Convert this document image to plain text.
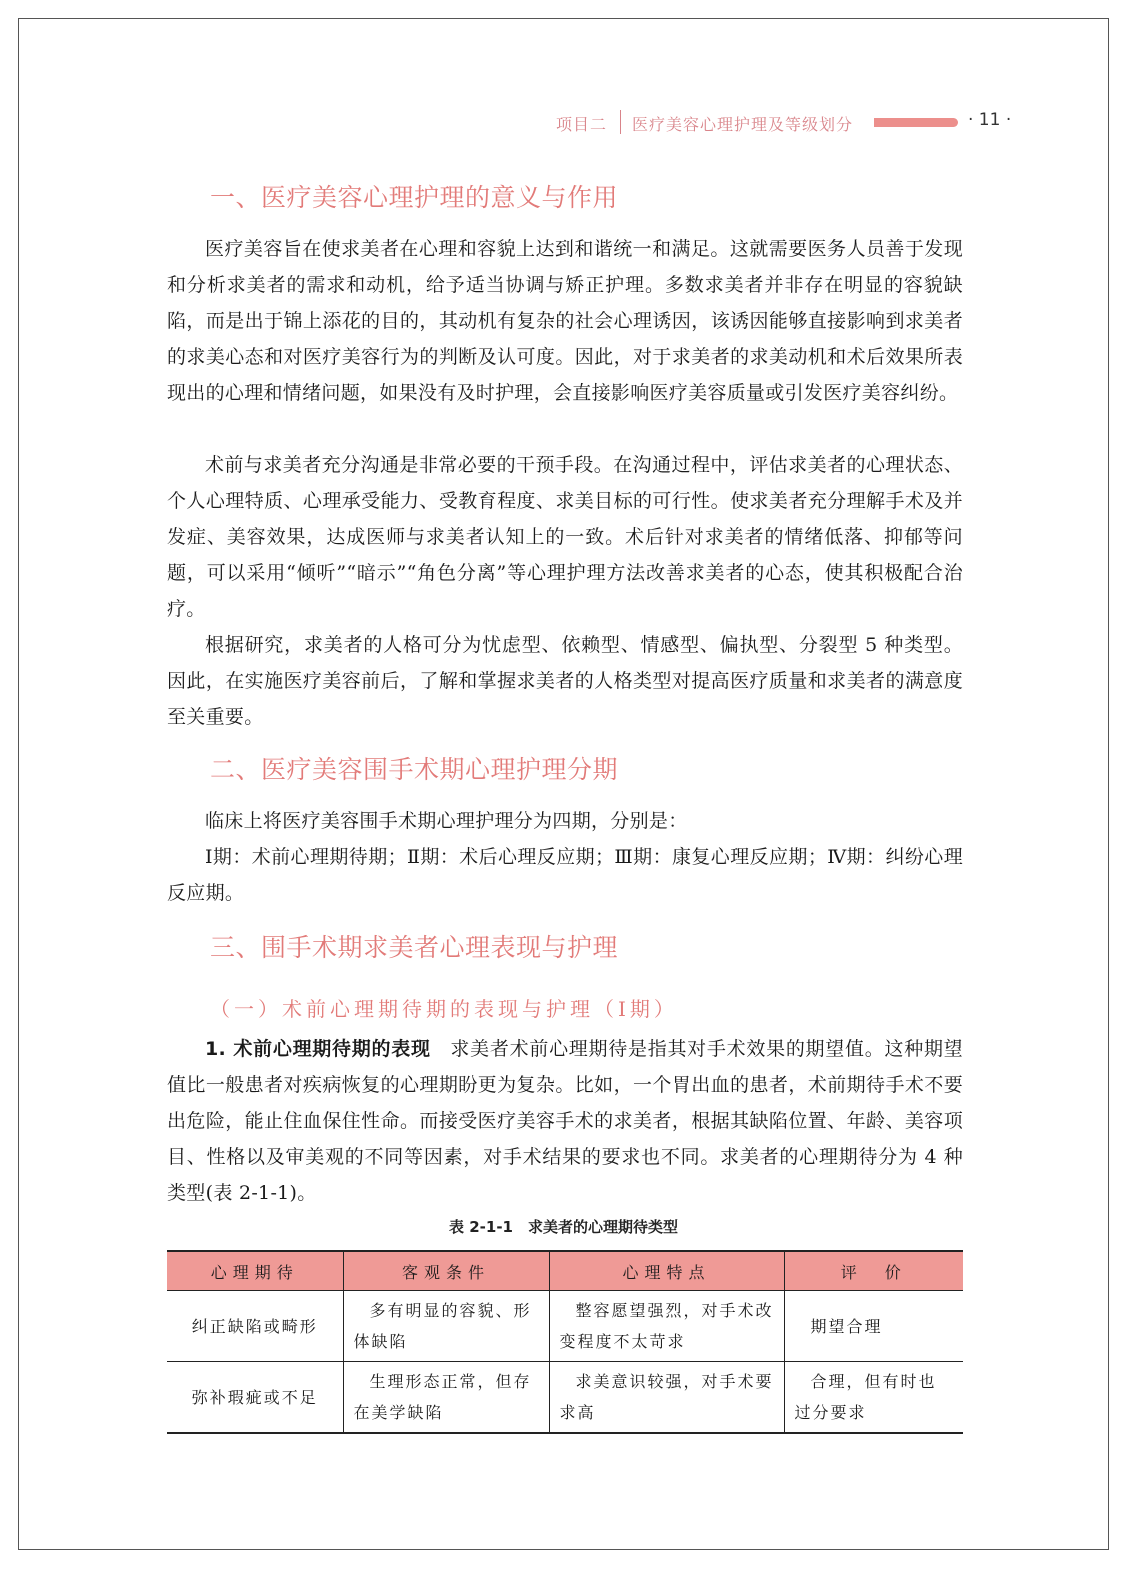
项目二 医疗美容心理护理及等级划分	· 11 ·
一、医疗美容心理护理的意义与作用
医疗美容旨在使求美者在心理和容貌上达到和谐统一和满足。这就需要医务人员善于发现和分析求美者的需求和动机，给予适当协调与矫正护理。多数求美者并非存在明显的容貌缺陷，而是出于锦上添花的目的，其动机有复杂的社会心理诱因，该诱因能够直接影响到求美者的求美心态和对医疗美容行为的判断及认可度。因此，对于求美者的求美动机和术后效果所表现出的心理和情绪问题，如果没有及时护理，会直接影响医疗美容质量或引发医疗美容纠纷。
术前与求美者充分沟通是非常必要的干预手段。在沟通过程中，评估求美者的心理状态、个人心理特质、心理承受能力、受教育程度、求美目标的可行性。使求美者充分理解手术及并发症、美容效果，达成医师与求美者认知上的一致。术后针对求美者的情绪低落、抑郁等问题，可以采用“倾听”“暗示”“角色分离”等心理护理方法改善求美者的心态，使其积极配合治疗。
根据研究，求美者的人格可分为忧虑型、依赖型、情感型、偏执型、分裂型 5 种类型。因此，在实施医疗美容前后，了解和掌握求美者的人格类型对提高医疗质量和求美者的满意度至关重要。
二、医疗美容围手术期心理护理分期
临床上将医疗美容围手术期心理护理分为四期，分别是：
Ⅰ期：术前心理期待期；Ⅱ期：术后心理反应期；Ⅲ期：康复心理反应期；Ⅳ期：纠纷心理反应期。
三、围手术期求美者心理表现与护理
（一）术前心理期待期的表现与护理（Ⅰ期）
1. 术前心理期待期的表现　 求美者术前心理期待是指其对手术效果的期望值。这种期望值比一般患者对疾病恢复的心理期盼更为复杂。比如，一个胃出血的患者，术前期待手术不要出危险，能止住血保住性命。而接受医疗美容手术的求美者，根据其缺陷位置、年龄、美容项目、性格以及审美观的不同等因素，对手术结果的要求也不同。求美者的心理期待分为 4 种类型(表 2-1-1)。
表 2-1-1　求美者的心理期待类型
心理期待	客观条件	心理特点	评　价
纠正缺陷或畸形	多有明显的容貌、形体缺陷	整容愿望强烈，对手术改变程度不太苛求	期望合理
弥补瑕疵或不足	生理形态正常，但存在美学缺陷	求美意识较强，对手术要求高	合理，但有时也过分要求
